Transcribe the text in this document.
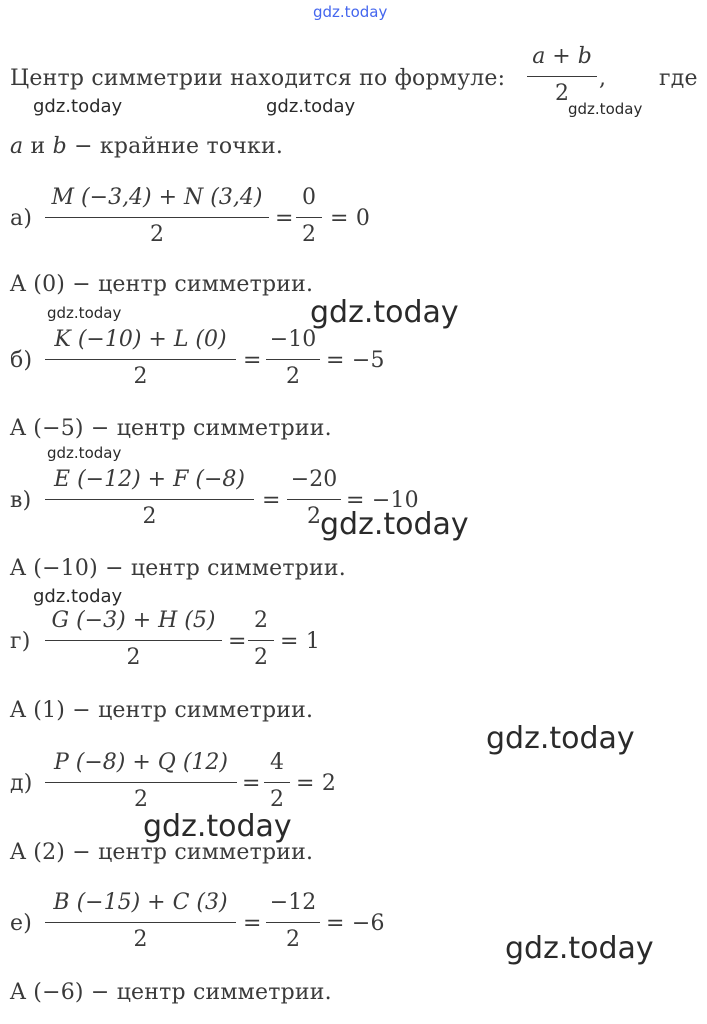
gdz.today
Центр симметрии находится по формуле:
a + b
2
, где
gdz.today	gdz.today	gdz.today
a и b − крайние точки.
а)
M (−3,4) + N (3,4)
2
=
0
2
= 0
A (0) − центр симметрии.
gdz.today	gdz.today
б)
K (−10) + L (0)
2
=
−10
2
= −5
A (−5) − центр симметрии.
gdz.today
в)
E (−12) + F (−8)
2
=
−20
2
= −10
gdz.today
A (−10) − центр симметрии.
gdz.today
г)
G (−3) + H (5)
2
=
2
2
= 1
A (1) − центр симметрии.
gdz.today
д)
P (−8) + Q (12)
2
=
4
2
= 2
gdz.today
A (2) − центр симметрии.
е)
B (−15) + C (3)
2
=
−12
2
= −6
gdz.today
A (−6) − центр симметрии.
